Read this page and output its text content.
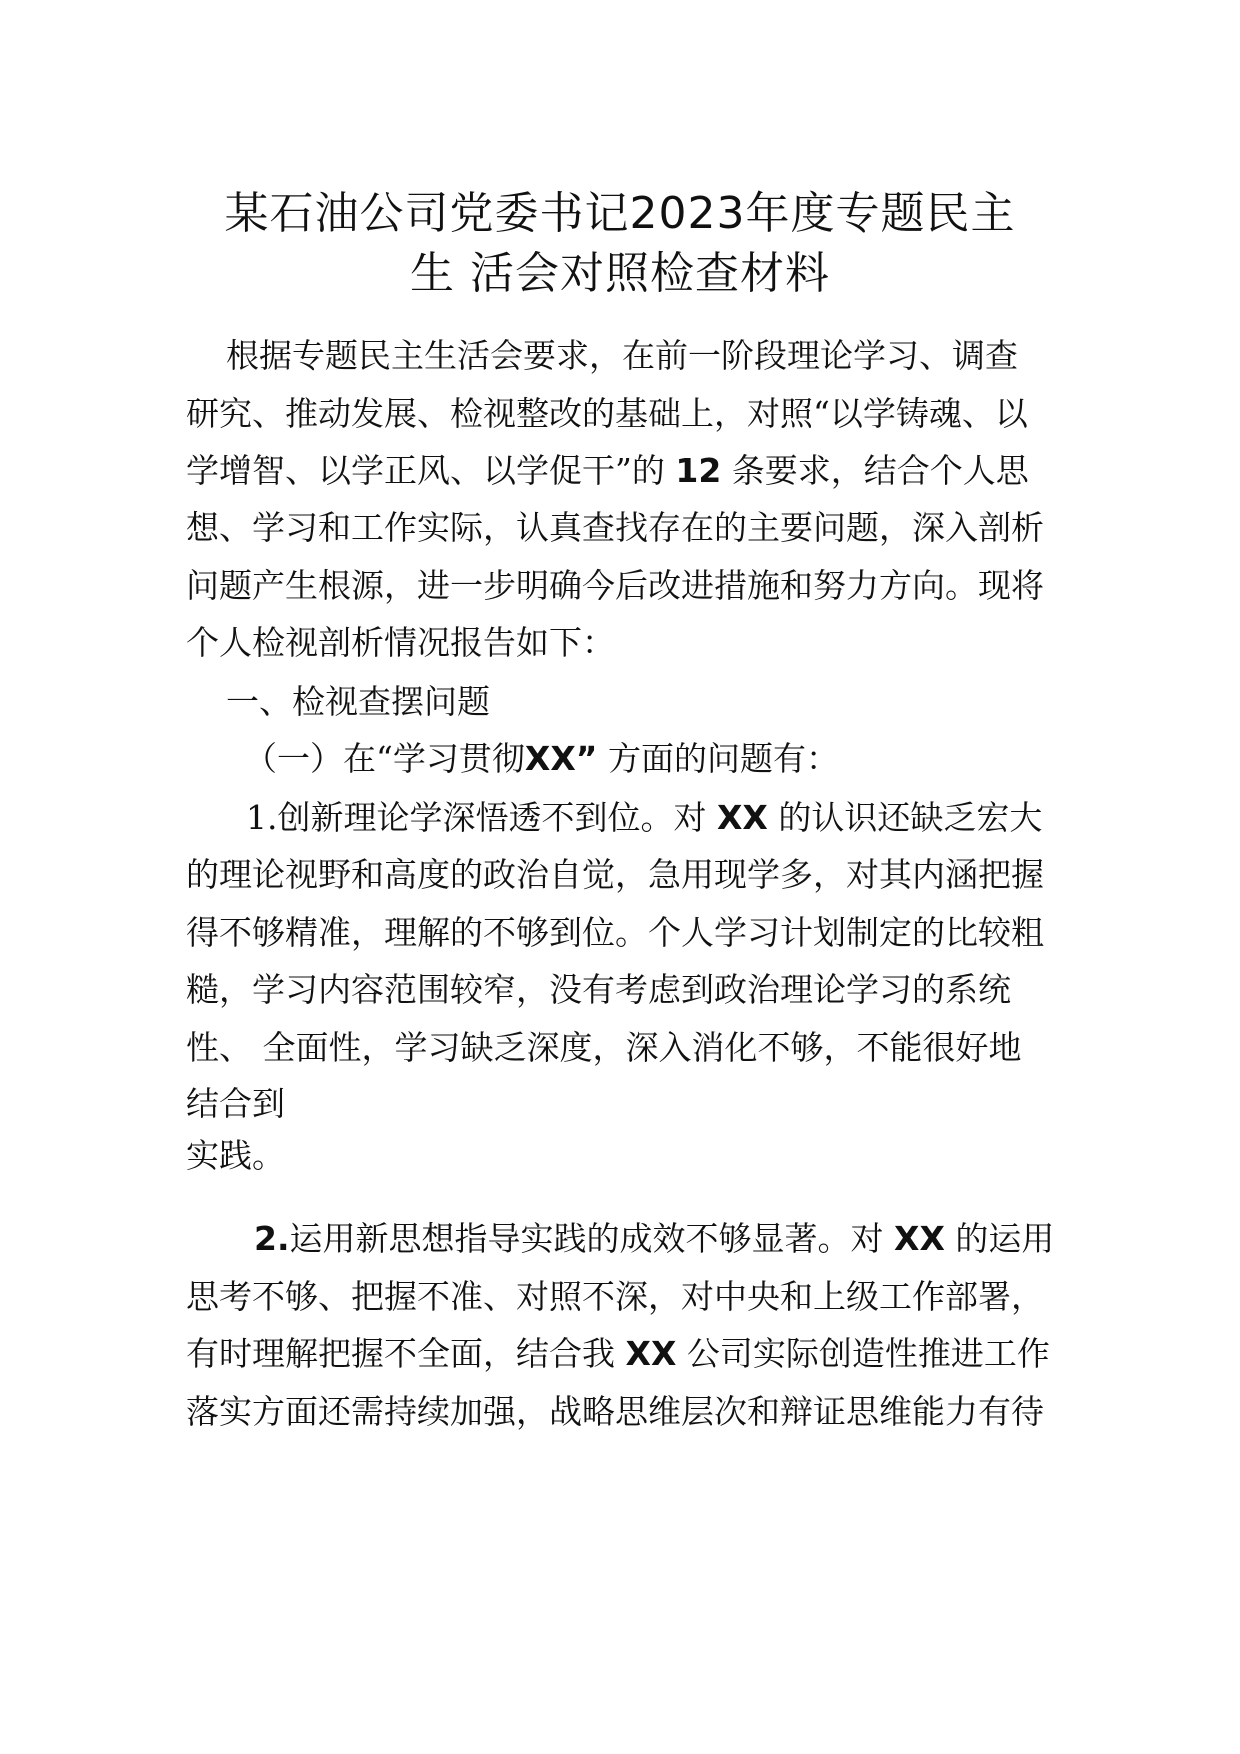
某石油公司党委书记2023年度专题民主
生 活会对照检查材料
根据专题民主生活会要求，在前一阶段理论学习、调查
研究、推动发展、检视整改的基础上，对照“以学铸魂、以
学增智、以学正风、以学促干”的 12 条要求，结合个人思
想、学习和工作实际，认真查找存在的主要问题，深入剖析
问题产生根源，进一步明确今后改进措施和努力方向。现将
个人检视剖析情况报告如下：
一、检视查摆问题
（一）在“学习贯彻XX” 方面的问题有：
1.创新理论学深悟透不到位。对 XX 的认识还缺乏宏大
的理论视野和高度的政治自觉，急用现学多，对其内涵把握
得不够精准，理解的不够到位。个人学习计划制定的比较粗
糙，学习内容范围较窄，没有考虑到政治理论学习的系统
性、 全面性，学习缺乏深度，深入消化不够，不能很好地
结合到
实践。
2.运用新思想指导实践的成效不够显著。对 XX 的运用
思考不够、把握不准、对照不深，对中央和上级工作部署，
有时理解把握不全面，结合我 XX 公司实际创造性推进工作
落实方面还需持续加强，战略思维层次和辩证思维能力有待
